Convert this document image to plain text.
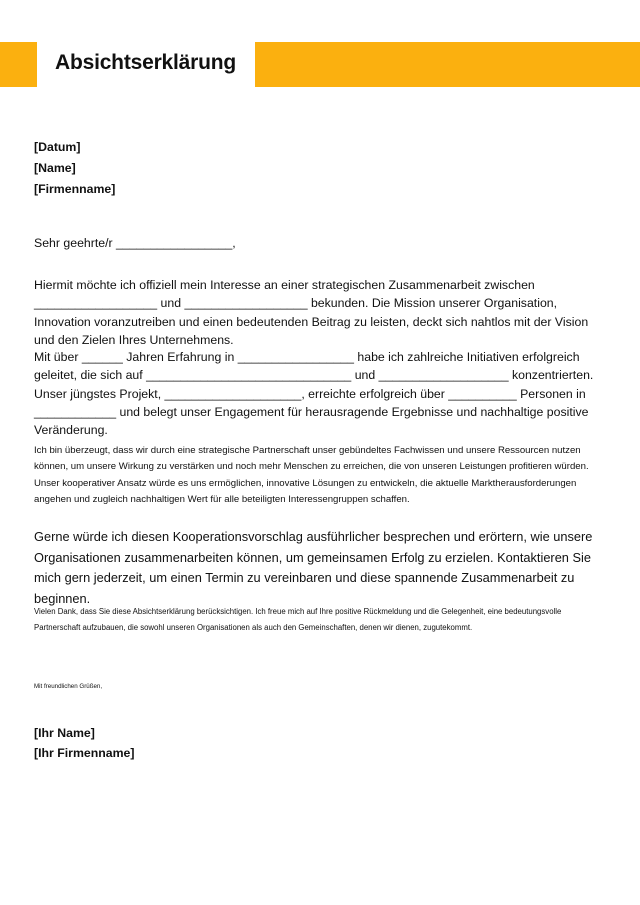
Absichtserklärung

[Datum]

[Name]

[Firmenname]

Sehr geehrte/r _________________,

Hiermit möchte ich offiziell mein Interesse an einer strategischen Zusammenarbeit zwischen __________________ und __________________ bekunden. Die Mission unserer Organisation, Innovation voranzutreiben und einen bedeutenden Beitrag zu leisten, deckt sich nahtlos mit der Vision und den Zielen Ihres Unternehmens.

Mit über ______ Jahren Erfahrung in _________________ habe ich zahlreiche Initiativen erfolgreich geleitet, die sich auf ______________________________ und ___________________ konzentrierten. Unser jüngstes Projekt, ____________________, erreichte erfolgreich über __________ Personen in ____________ und belegt unser Engagement für herausragende Ergebnisse und nachhaltige positive Veränderung.

Ich bin überzeugt, dass wir durch eine strategische Partnerschaft unser gebündeltes Fachwissen und unsere Ressourcen nutzen können, um unsere Wirkung zu verstärken und noch mehr Menschen zu erreichen, die von unseren Leistungen profitieren würden. Unser kooperativer Ansatz würde es uns ermöglichen, innovative Lösungen zu entwickeln, die aktuelle Marktherausforderungen angehen und zugleich nachhaltigen Wert für alle beteiligten Interessengruppen schaffen.

Gerne würde ich diesen Kooperationsvorschlag ausführlicher besprechen und erörtern, wie unsere Organisationen zusammenarbeiten können, um gemeinsamen Erfolg zu erzielen. Kontaktieren Sie mich gern jederzeit, um einen Termin zu vereinbaren und diese spannende Zusammenarbeit zu beginnen.

Vielen Dank, dass Sie diese Absichtserklärung berücksichtigen. Ich freue mich auf Ihre positive Rückmeldung und die Gelegenheit, eine bedeutungsvolle Partnerschaft aufzubauen, die sowohl unseren Organisationen als auch den Gemeinschaften, denen wir dienen, zugutekommt.

Mit freundlichen Grüßen,

[Ihr Name]

[Ihr Firmenname]
